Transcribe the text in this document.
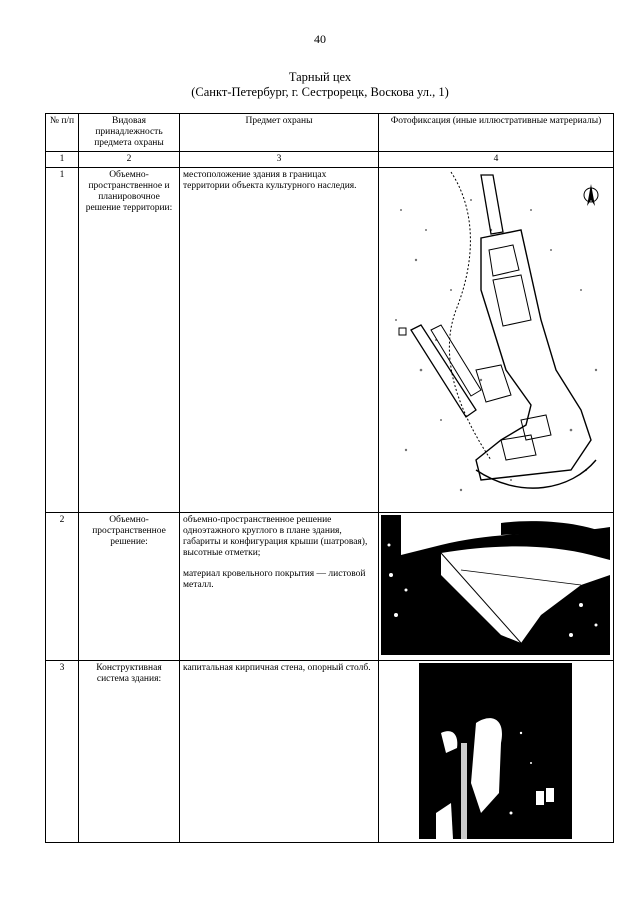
40
Тарный цех
(Санкт-Петербург, г. Сестрорецк, Воскова ул., 1)
№ п/п	Видовая принадлежность предмета охраны	Предмет охраны	Фотофиксация (иные иллюстративные матрериалы)
1	2	3	4
1	Объемно-пространственное и планировочное решение территории:	местоположение здания в границах территории объекта культурного наследия.	

2	Объемно-пространственное решение:	объемно-пространственное решение одноэтажного круглого в плане здания, габариты и конфигурация крыши (шатровая), высотные отметки;
материал кровельного покрытия — листовой металл.

3	Конструктивная система здания:	капитальная кирпичная стена, опорный столб.	
